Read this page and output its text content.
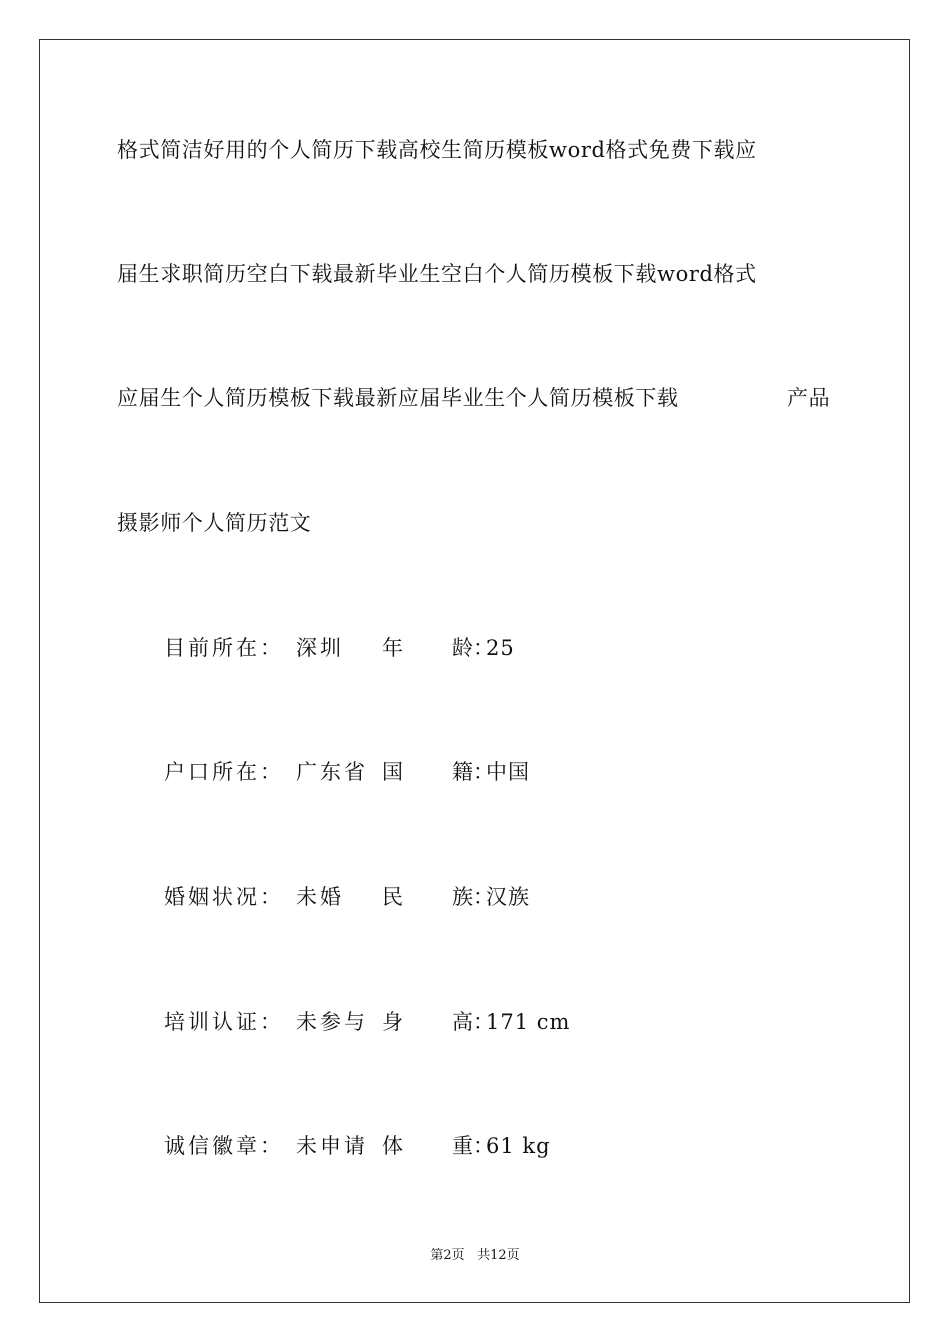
格式简洁好用的个人简历下载高校生简历模板word格式免费下载应
届生求职简历空白下载最新毕业生空白个人简历模板下载word格式
应届生个人简历模板下载最新应届毕业生个人简历模板下载	产品
摄影师个人简历范文
目前所在： 深圳 年 龄：
25
户口所在： 广东省 国 籍：
中国
婚姻状况： 未婚 民 族：
汉族
培训认证： 未参与 身 高：
171 cm
诚信徽章： 未申请 体 重：
61 kg
第2页 共12页
